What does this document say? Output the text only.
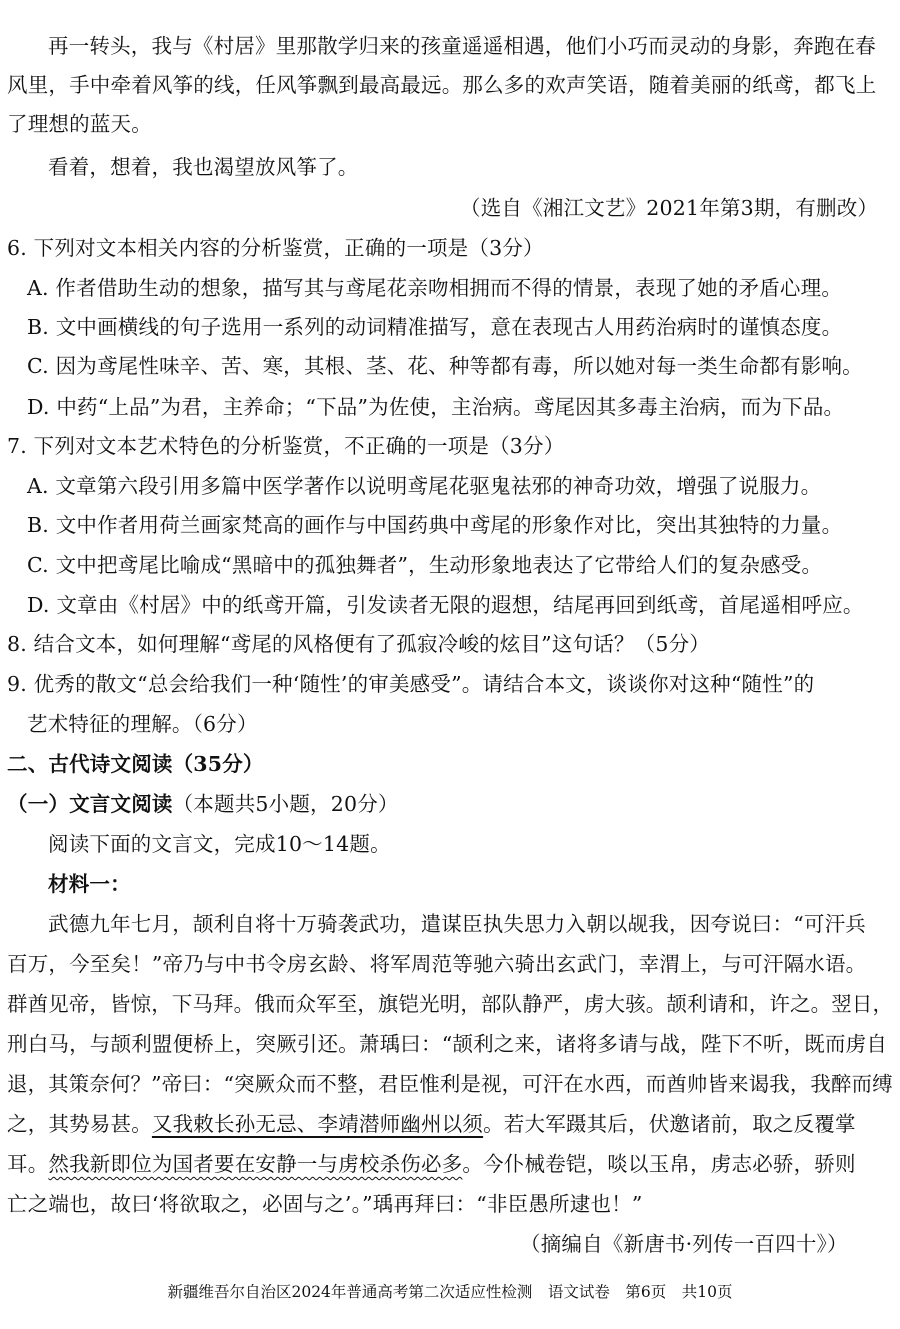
再一转头，我与《村居》里那散学归来的孩童遥遥相遇，他们小巧而灵动的身影，奔跑在春
风里，手中牵着风筝的线，任风筝飘到最高最远。那么多的欢声笑语，随着美丽的纸鸢，都飞上
了理想的蓝天。
看着，想着，我也渴望放风筝了。
（选自《湘江文艺》2021年第3期，有删改）
6. 下列对文本相关内容的分析鉴赏，正确的一项是（3分）
A. 作者借助生动的想象，描写其与鸢尾花亲吻相拥而不得的情景，表现了她的矛盾心理。
B. 文中画横线的句子选用一系列的动词精准描写，意在表现古人用药治病时的谨慎态度。
C. 因为鸢尾性味辛、苦、寒，其根、茎、花、种等都有毒，所以她对每一类生命都有影响。
D. 中药“上品”为君，主养命；“下品”为佐使，主治病。鸢尾因其多毒主治病，而为下品。
7. 下列对文本艺术特色的分析鉴赏，不正确的一项是（3分）
A. 文章第六段引用多篇中医学著作以说明鸢尾花驱鬼祛邪的神奇功效，增强了说服力。
B. 文中作者用荷兰画家梵高的画作与中国药典中鸢尾的形象作对比，突出其独特的力量。
C. 文中把鸢尾比喻成“黑暗中的孤独舞者”，生动形象地表达了它带给人们的复杂感受。
D. 文章由《村居》中的纸鸢开篇，引发读者无限的遐想，结尾再回到纸鸢，首尾遥相呼应。
8. 结合文本，如何理解“鸢尾的风格便有了孤寂冷峻的炫目”这句话？（5分）
9. 优秀的散文“总会给我们一种‘随性’的审美感受”。请结合本文，谈谈你对这种“随性”的
艺术特征的理解。（6分）
二、古代诗文阅读（35分）
（一）文言文阅读（本题共5小题，20分）
阅读下面的文言文，完成10～14题。
材料一：
武德九年七月，颉利自将十万骑袭武功，遣谋臣执失思力入朝以觇我，因夸说曰：“可汗兵
百万，今至矣！”帝乃与中书令房玄龄、将军周范等驰六骑出玄武门，幸渭上，与可汗隔水语。
群酋见帝，皆惊，下马拜。俄而众军至，旗铠光明，部队静严，虏大骇。颉利请和，许之。翌日，
刑白马，与颉利盟便桥上，突厥引还。萧瑀曰：“颉利之来，诸将多请与战，陛下不听，既而虏自
退，其策奈何？”帝曰：“突厥众而不整，君臣惟利是视，可汗在水西，而酋帅皆来谒我，我醉而缚
之，其势易甚。又我敕长孙无忌、李靖潜师幽州以须。若大军蹑其后，伏邀诸前，取之反覆掌
耳。然我新即位为国者要在安静一与虏校杀伤必多。今仆械卷铠，啖以玉帛，虏志必骄，骄则
亡之端也，故曰‘将欲取之，必固与之’。”瑀再拜曰：“非臣愚所逮也！”
（摘编自《新唐书·列传一百四十》）
新疆维吾尔自治区2024年普通高考第二次适应性检测　语文试卷　第6页　共10页
